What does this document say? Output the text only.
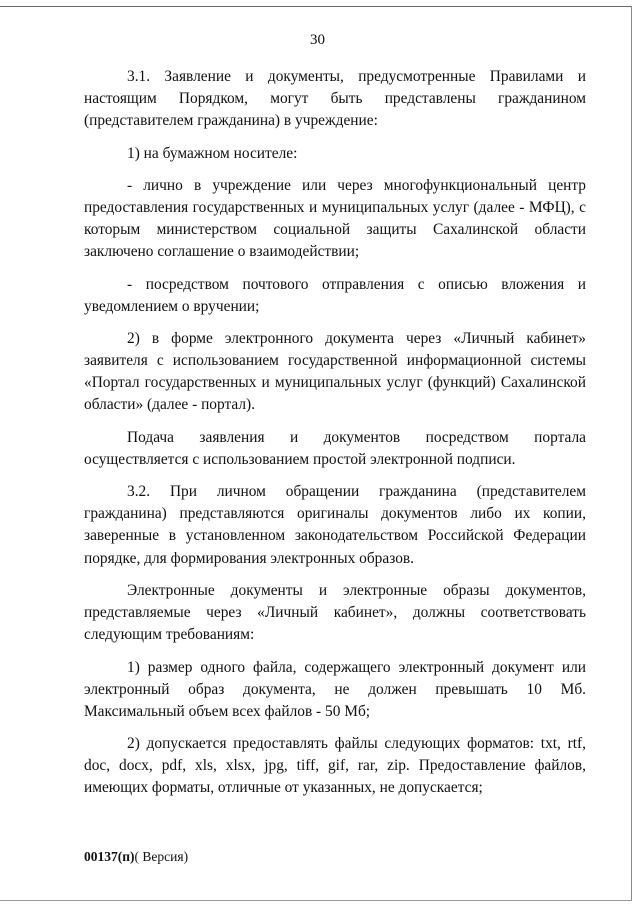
30

3.1. Заявление и документы, предусмотренные Правилами и настоящим Порядком, могут быть представлены гражданином (представителем гражданина) в учреждение:

1) на бумажном носителе:

- лично в учреждение или через многофункциональный центр предоставления государственных и муниципальных услуг (далее - МФЦ), с которым министерством социальной защиты Сахалинской области заключено соглашение о взаимодействии;

- посредством почтового отправления с описью вложения и уведомлением о вручении;

2) в форме электронного документа через «Личный кабинет» заявителя с использованием государственной информационной системы «Портал государственных и муниципальных услуг (функций) Сахалинской области» (далее - портал).

Подача заявления и документов посредством портала осуществляется с использованием простой электронной подписи.

3.2. При личном обращении гражданина (представителем гражданина) представляются оригиналы документов либо их копии, заверенные в установленном законодательством Российской Федерации порядке, для формирования электронных образов.

Электронные документы и электронные образы документов, представляемые через «Личный кабинет», должны соответствовать следующим требованиям:

1) размер одного файла, содержащего электронный документ или электронный образ документа, не должен превышать 10 Мб. Максимальный объем всех файлов - 50 Мб;

2) допускается предоставлять файлы следующих форматов: txt, rtf, doc, docx, pdf, xls, xlsx, jpg, tiff, gif, rar, zip. Предоставление файлов, имеющих форматы, отличные от указанных, не допускается;

00137(п)( Версия)
